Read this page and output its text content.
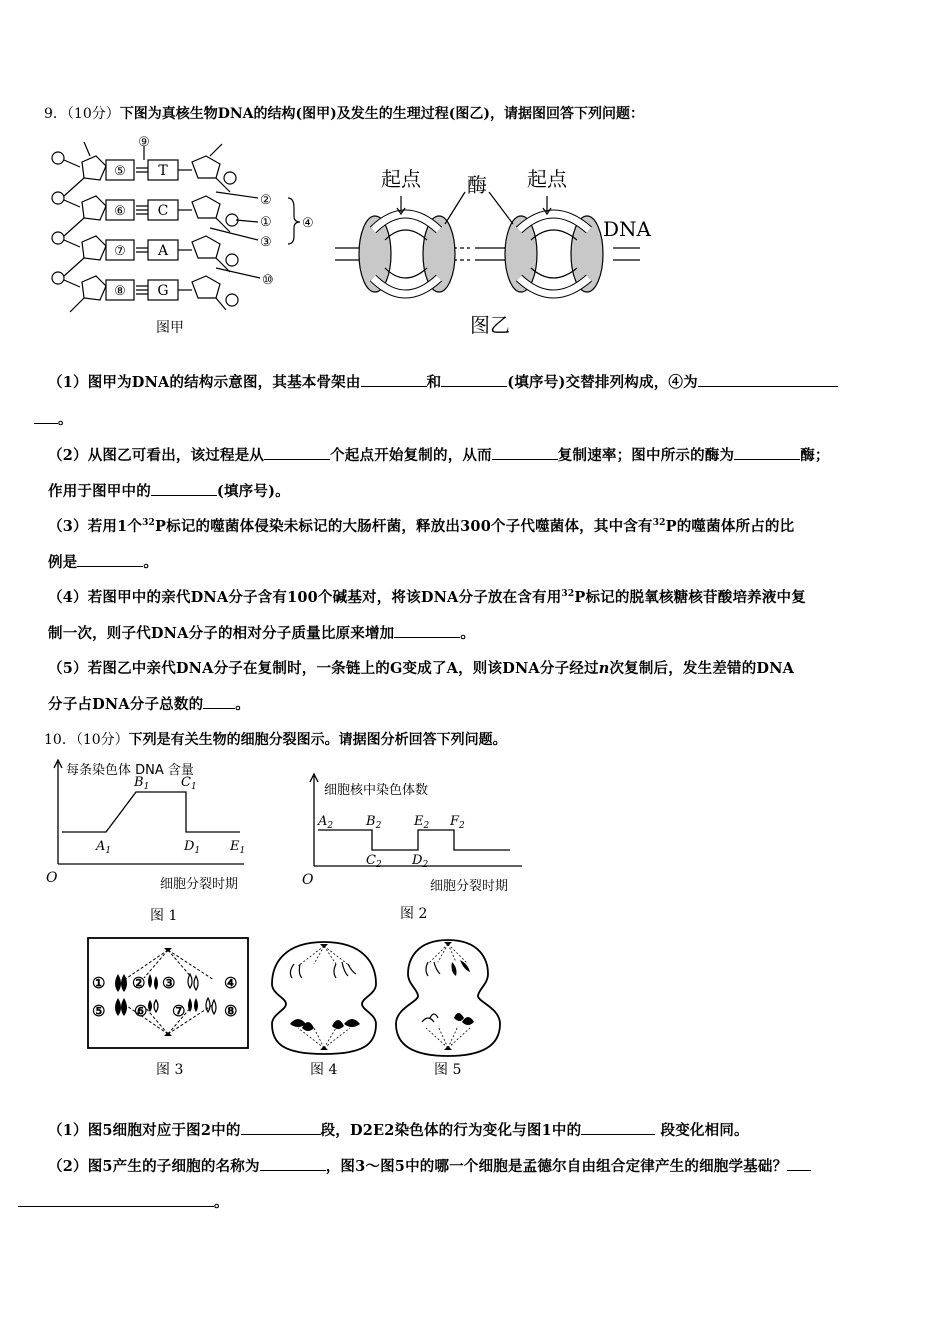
9．（10分）下图为真核生物DNA的结构(图甲)及发生的生理过程(图乙)，请据图回答下列问题：
⑤
⑥
⑦
⑧
T
C
A
G
⑨
②
①
③
④
⑩
图甲
起点 酶 起点
DNA
图乙
（1）图甲为DNA的结构示意图，其基本骨架由	和	(填序号)交替排列构成，④为
。
（2）从图乙可看出，该过程是从	个起点开始复制的，从而	复制速率；图中所示的酶为	酶；
作用于图甲中的	(填序号)。
（3）若用1个$^{32}$P标记的噬菌体侵染未标记的大肠杆菌，释放出300个子代噬菌体，其中含有$^{32}$P的噬菌体所占的比
例是	。
（4）若图甲中的亲代DNA分子含有100个碱基对，将该DNA分子放在含有用$^{32}$P标记的脱氧核糖核苷酸培养液中复
制一次，则子代DNA分子的相对分子质量比原来增加	。
（5）若图乙中亲代DNA分子在复制时，一条链上的G变成了A，则该DNA分子经过n次复制后，发生差错的DNA
分子占DNA分子总数的 。
10．（10分）下列是有关生物的细胞分裂图示。请据图分析回答下列问题。
每条染色体 DNA 含量
O	细胞分裂时期
图 1
$A_1$
$B_1$ $C_1$
$D_1$ $E_1$
细胞核中染色体数
O	细胞分裂时期
图 2
$A_2$	$B_2$
$C_2$ $D_2$
$E_2$ $F_2$
① ② ③	④
⑤ ⑥ ⑦	⑧
图 3	图 4	图 5
（1）图5细胞对应于图2中的	段，D2E2染色体的行为变化与图1中的	段变化相同。
（2）图5产生的子细胞的名称为	，图3～图5中的哪一个细胞是孟德尔自由组合定律产生的细胞学基础？
。
